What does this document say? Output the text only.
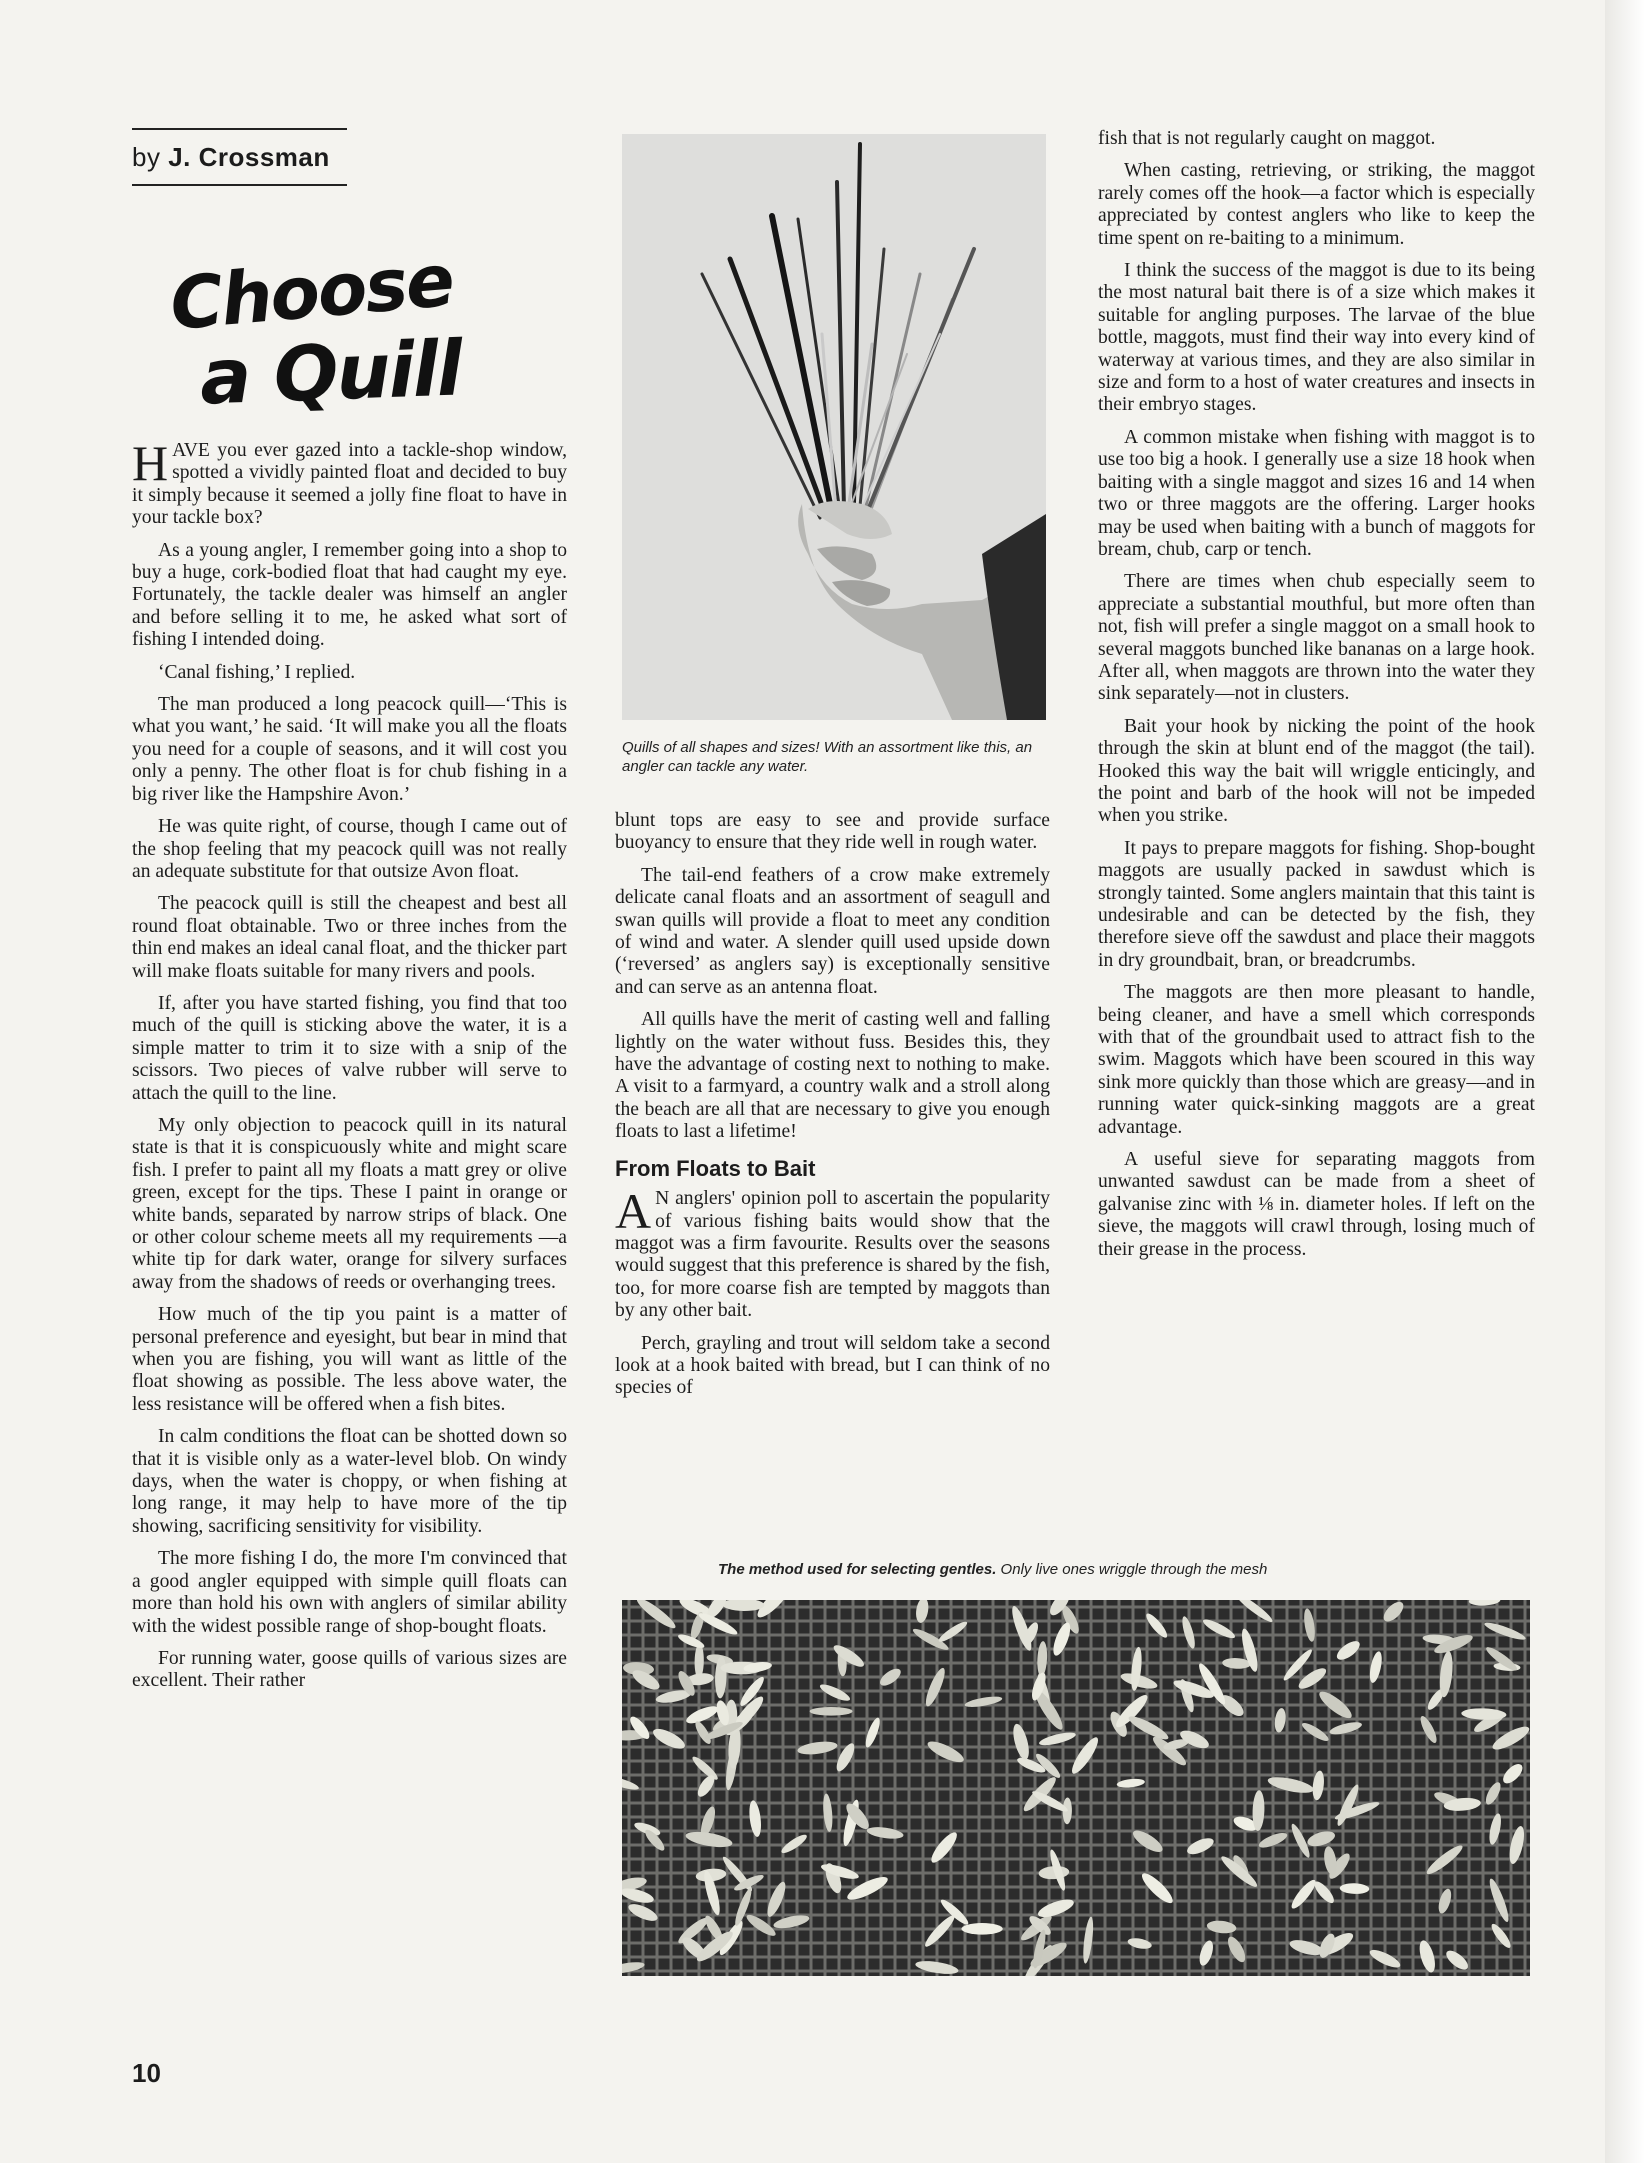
by J. Crossman
Choose
a Quill

HAVE you ever gazed into a tackle-shop window, spotted a vividly painted float and decided to buy it simply because it seemed a jolly fine float to have in your tackle box?

As a young angler, I remember going into a shop to buy a huge, cork-bodied float that had caught my eye. Fortunately, the tackle dealer was himself an angler and before selling it to me, he asked what sort of fishing I intended doing.

‘Canal fishing,’ I replied.

The man produced a long peacock quill—‘This is what you want,’ he said. ‘It will make you all the floats you need for a couple of seasons, and it will cost you only a penny. The other float is for chub fishing in a big river like the Hampshire Avon.’

He was quite right, of course, though I came out of the shop feeling that my peacock quill was not really an adequate substitute for that outsize Avon float.

The peacock quill is still the cheapest and best all round float obtainable. Two or three inches from the thin end makes an ideal canal float, and the thicker part will make floats suitable for many rivers and pools.

If, after you have started fishing, you find that too much of the quill is sticking above the water, it is a simple matter to trim it to size with a snip of the scissors. Two pieces of valve rubber will serve to attach the quill to the line.

My only objection to peacock quill in its natural state is that it is conspicuously white and might scare fish. I prefer to paint all my floats a matt grey or olive green, except for the tips. These I paint in orange or white bands, separated by narrow strips of black. One or other colour scheme meets all my requirements —a white tip for dark water, orange for silvery surfaces away from the shadows of reeds or overhanging trees.

How much of the tip you paint is a matter of personal preference and eyesight, but bear in mind that when you are fishing, you will want as little of the float showing as possible. The less above water, the less resistance will be offered when a fish bites.

In calm conditions the float can be shotted down so that it is visible only as a water-level blob. On windy days, when the water is choppy, or when fishing at long range, it may help to have more of the tip showing, sacrificing sensitivity for visibility.

The more fishing I do, the more I'm convinced that a good angler equipped with simple quill floats can more than hold his own with anglers of similar ability with the widest possible range of shop-bought floats.

For running water, goose quills of various sizes are excellent. Their rather

Quills of all shapes and sizes! With an assortment like this, an angler can tackle any water.

blunt tops are easy to see and provide surface buoyancy to ensure that they ride well in rough water.

The tail-end feathers of a crow make extremely delicate canal floats and an assortment of seagull and swan quills will provide a float to meet any condition of wind and water. A slender quill used upside down (‘reversed’ as anglers say) is exceptionally sensitive and can serve as an antenna float.

All quills have the merit of casting well and falling lightly on the water without fuss. Besides this, they have the advantage of costing next to nothing to make. A visit to a farmyard, a country walk and a stroll along the beach are all that are necessary to give you enough floats to last a lifetime!

From Floats to Bait

A N anglers' opinion poll to ascertain the popularity of various fishing baits would show that the maggot was a firm favourite. Results over the seasons would suggest that this preference is shared by the fish, too, for more coarse fish are tempted by maggots than by any other bait.

Perch, grayling and trout will seldom take a second look at a hook baited with bread, but I can think of no species of

fish that is not regularly caught on maggot.

When casting, retrieving, or striking, the maggot rarely comes off the hook—a factor which is especially appreciated by contest anglers who like to keep the time spent on re-baiting to a minimum.

I think the success of the maggot is due to its being the most natural bait there is of a size which makes it suitable for angling purposes. The larvae of the blue bottle, maggots, must find their way into every kind of waterway at various times, and they are also similar in size and form to a host of water creatures and insects in their embryo stages.

A common mistake when fishing with maggot is to use too big a hook. I generally use a size 18 hook when baiting with a single maggot and sizes 16 and 14 when two or three maggots are the offering. Larger hooks may be used when baiting with a bunch of maggots for bream, chub, carp or tench.

There are times when chub especially seem to appreciate a substantial mouthful, but more often than not, fish will prefer a single maggot on a small hook to several maggots bunched like bananas on a large hook. After all, when maggots are thrown into the water they sink separately—not in clusters.

Bait your hook by nicking the point of the hook through the skin at blunt end of the maggot (the tail). Hooked this way the bait will wriggle enticingly, and the point and barb of the hook will not be impeded when you strike.

It pays to prepare maggots for fishing. Shop-bought maggots are usually packed in sawdust which is strongly tainted. Some anglers maintain that this taint is undesirable and can be detected by the fish, they therefore sieve off the sawdust and place their maggots in dry groundbait, bran, or breadcrumbs.

The maggots are then more pleasant to handle, being cleaner, and have a smell which corresponds with that of the groundbait used to attract fish to the swim. Maggots which have been scoured in this way sink more quickly than those which are greasy—and in running water quick-sinking maggots are a great advantage.

A useful sieve for separating maggots from unwanted sawdust can be made from a sheet of galvanise zinc with ⅛ in. diameter holes. If left on the sieve, the maggots will crawl through, losing much of their grease in the process.

The method used for selecting gentles. Only live ones wriggle through the mesh
10
